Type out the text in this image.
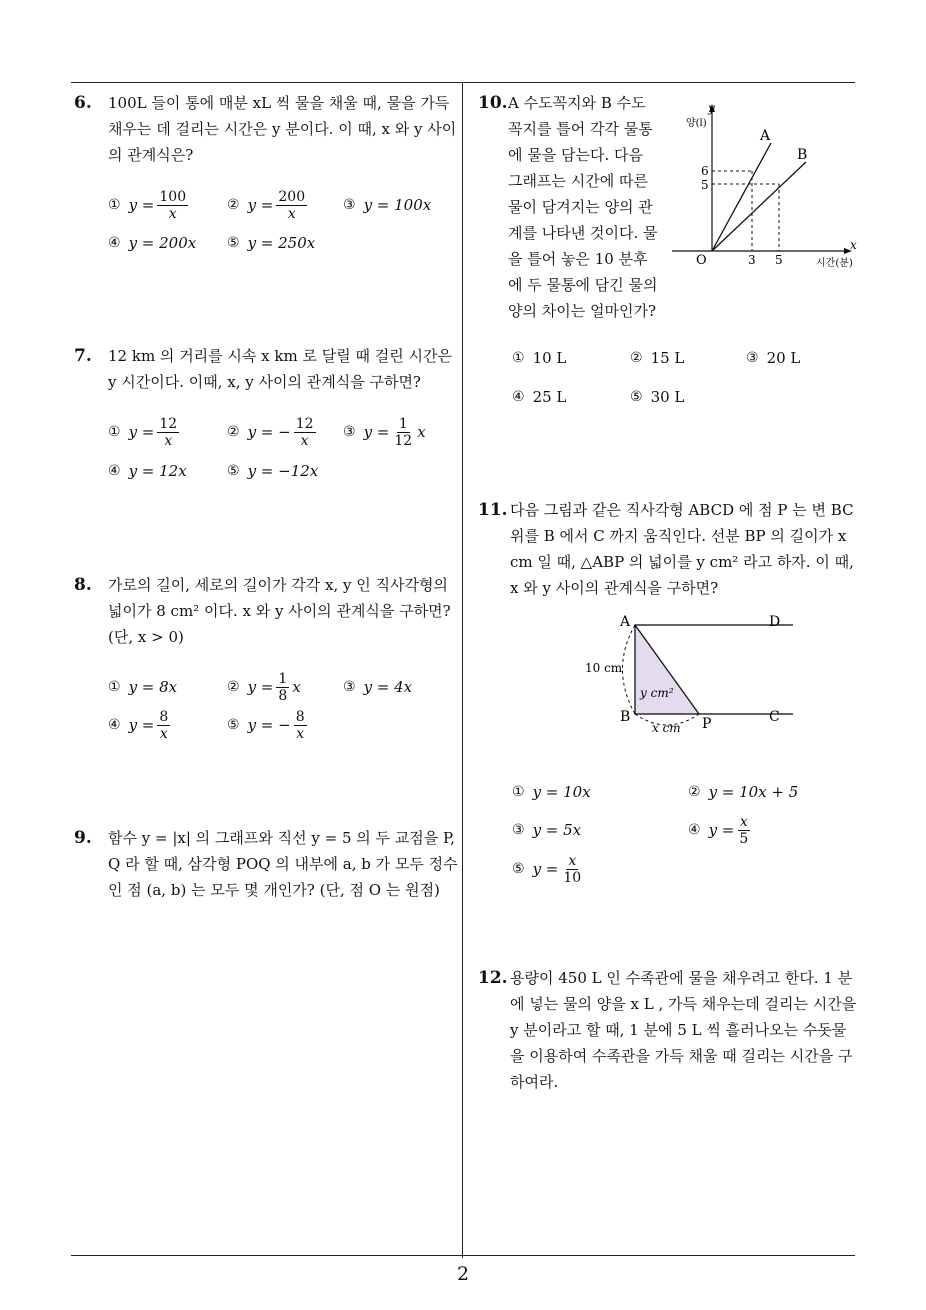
6. 100L 들이 통에 매분 xL 씩 물을 채울 때, 물을 가득 채우는 데 걸리는 시간은 y 분이다. 이 때, x 와 y 사이의 관계식은?
① $y = \frac{100}{x}$	② $y = \frac{200}{x}$	③ y = 100x
④ y = 200x ⑤ y = 250x
7. 12 km 의 거리를 시속 x km 로 달릴 때 걸린 시간은 y 시간이다. 이때, x, y 사이의 관계식을 구하면?
① $y = \frac{12}{x}$	② y = − $\frac{12}{x}$ ③ $y = \frac{1}{12}$ x
④ y = 12x	⑤ y = −12x
8. 가로의 길이, 세로의 길이가 각각 x, y 인 직사각형의 넓이가 8 cm² 이다. x 와 y 사이의 관계식을 구하면? (단, x > 0)
① y = 8x	② $y = \frac{1}{8}$ x	③ y = 4x
④ $y = \frac{8}{x}$	⑤ y = − $\frac{8}{x}$
9. 함수 y = |x| 의 그래프와 직선 y = 5 의 두 교점을 P, Q 라 할 때, 삼각형 POQ 의 내부에 a, b 가 모두 정수인 점 (a, b) 는 모두 몇 개인가? (단, 점 O 는 원점)
10. A 수도꼭지와 B 수도꼭지를 틀어 각각 물통에 물을 담는다. 다음 그래프는 시간에 따른 물이 담겨지는 양의 관계를 나타낸 것이다. 물을 틀어 놓은 10 분후에 두 물통에 담긴 물의 양의 차이는 얼마인가?
y
양(l)
x
시간(분)
O
A
B
6
5
3 5
① 10 L	② 15 L	③ 20 L
④ 25 L	⑤ 30 L
11. 다음 그림과 같은 직사각형 ABCD 에 점 P 는 변 BC 위를 B 에서 C 까지 움직인다. 선분 BP 의 길이가 x cm 일 때, △ABP 의 넓이를 y cm² 라고 하자. 이 때, x 와 y 사이의 관계식을 구하면?
A
B
D
C
P
10 cm
x cm
y cm²
① y = 10x	② y = 10x + 5
③ y = 5x	④ $y = \frac{x}{5}$
⑤ $y = \frac{x}{10}$
12. 용량이 450 L 인 수족관에 물을 채우려고 한다. 1 분에 넣는 물의 양을 x L , 가득 채우는데 걸리는 시간을 y 분이라고 할 때, 1 분에 5 L 씩 흘러나오는 수돗물을 이용하여 수족관을 가득 채울 때 걸리는 시간을 구하여라.
2
